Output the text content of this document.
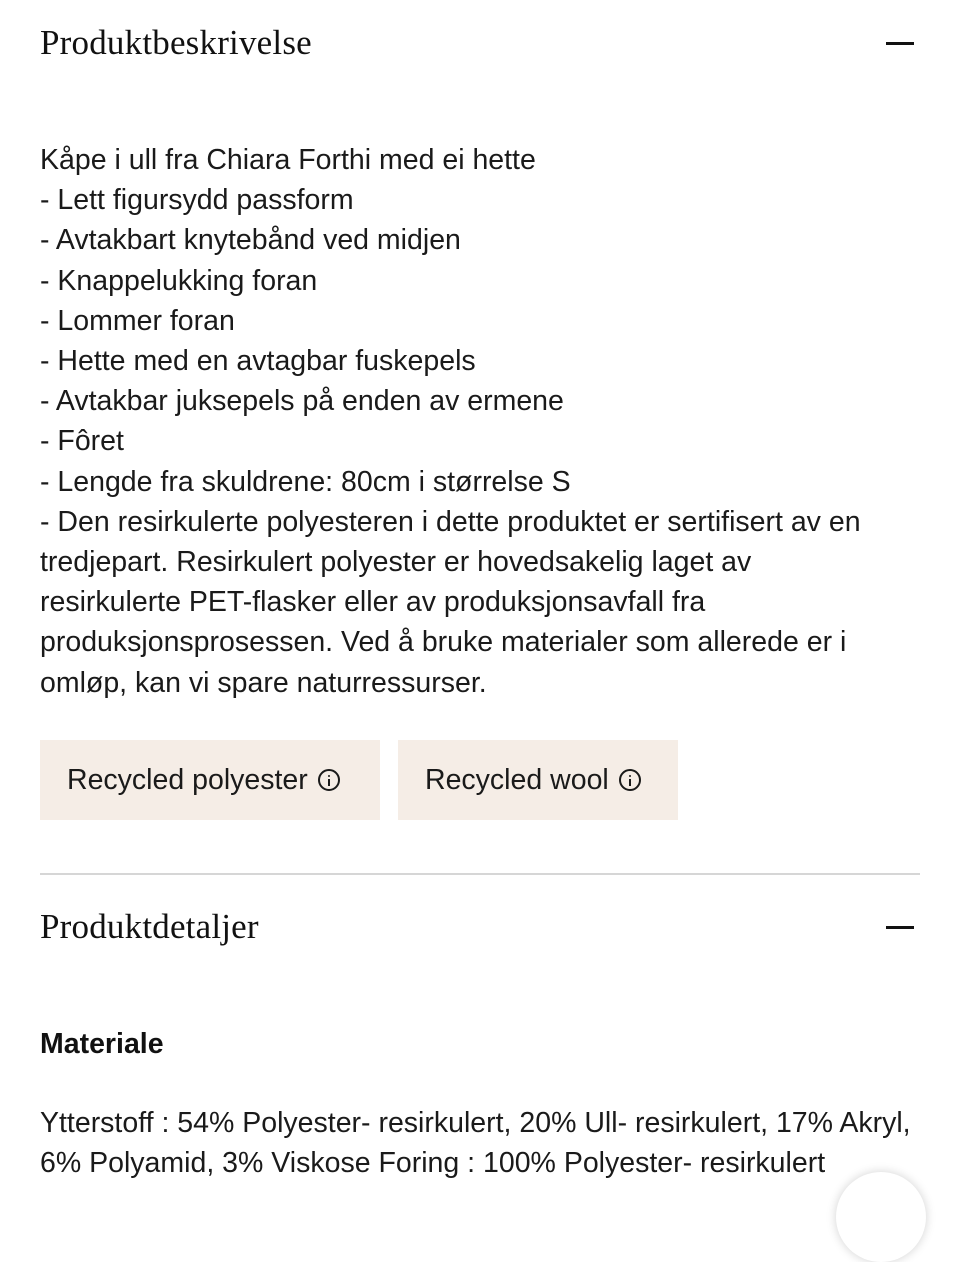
Produktbeskrivelse
Kåpe i ull fra Chiara Forthi med ei hette
- Lett figursydd passform
- Avtakbart knytebånd ved midjen
- Knappelukking foran
- Lommer foran
- Hette med en avtagbar fuskepels
- Avtakbar juksepels på enden av ermene
- Fôret
- Lengde fra skuldrene: 80cm i størrelse S
- Den resirkulerte polyesteren i dette produktet er sertifisert av en
tredjepart. Resirkulert polyester er hovedsakelig laget av
resirkulerte PET-flasker eller av produksjonsavfall fra
produksjonsprosessen. Ved å bruke materialer som allerede er i
omløp, kan vi spare naturressurser.
Recycled polyester	Recycled wool
Produktdetaljer
Materiale
Ytterstoff : 54% Polyester- resirkulert, 20% Ull- resirkulert, 17% Akryl,
6% Polyamid, 3% Viskose Foring : 100% Polyester- resirkulert
